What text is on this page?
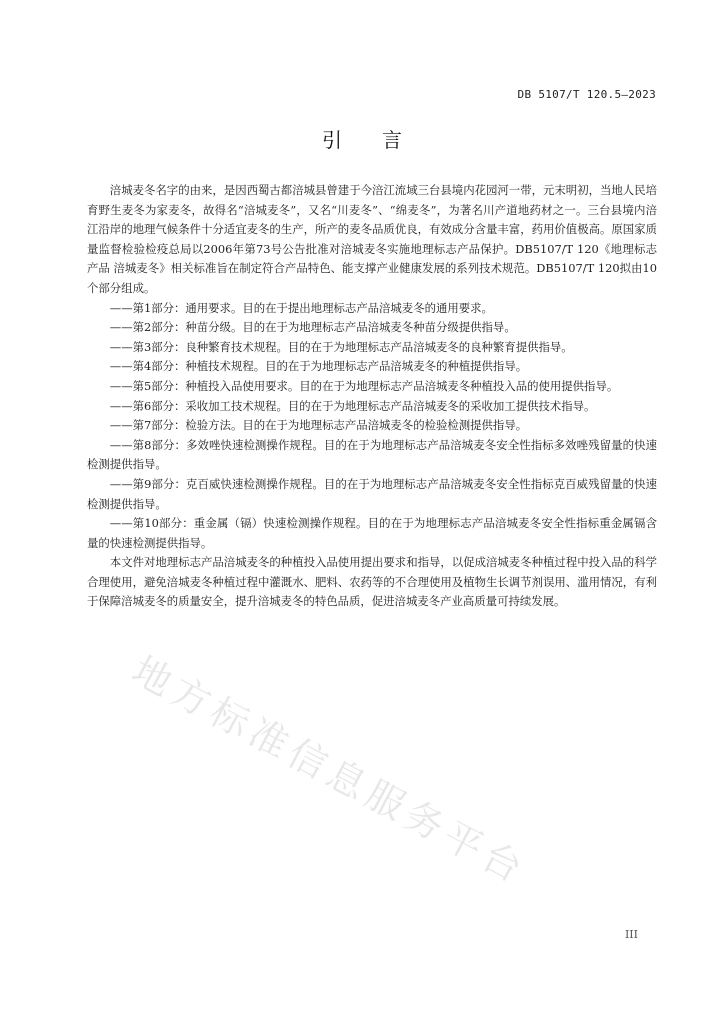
DB 5107/T 120.5—2023
引言

涪城麦冬名字的由来，是因西蜀古都涪城县曾建于今涪江流域三台县境内花园河一带，元末明初，当地人民培育野生麦冬为家麦冬，故得名“涪城麦冬”，又名“川麦冬”、“绵麦冬”，为著名川产道地药材之一。三台县境内涪江沿岸的地理气候条件十分适宜麦冬的生产，所产的麦冬品质优良，有效成分含量丰富，药用价值极高。原国家质量监督检验检疫总局以2006年第73号公告批准对涪城麦冬实施地理标志产品保护。DB5107/T 120《地理标志产品 涪城麦冬》相关标准旨在制定符合产品特色、能支撑产业健康发展的系列技术规范。DB5107/T 120拟由10个部分组成。

——第1部分：通用要求。目的在于提出地理标志产品涪城麦冬的通用要求。

——第2部分：种苗分级。目的在于为地理标志产品涪城麦冬种苗分级提供指导。

——第3部分：良种繁育技术规程。目的在于为地理标志产品涪城麦冬的良种繁育提供指导。

——第4部分：种植技术规程。目的在于为地理标志产品涪城麦冬的种植提供指导。

——第5部分：种植投入品使用要求。目的在于为地理标志产品涪城麦冬种植投入品的使用提供指导。

——第6部分：采收加工技术规程。目的在于为地理标志产品涪城麦冬的采收加工提供技术指导。

——第7部分：检验方法。目的在于为地理标志产品涪城麦冬的检验检测提供指导。

——第8部分：多效唑快速检测操作规程。目的在于为地理标志产品涪城麦冬安全性指标多效唑残留量的快速检测提供指导。

——第9部分：克百威快速检测操作规程。目的在于为地理标志产品涪城麦冬安全性指标克百威残留量的快速检测提供指导。

——第10部分：重金属（镉）快速检测操作规程。目的在于为地理标志产品涪城麦冬安全性指标重金属镉含量的快速检测提供指导。

本文件对地理标志产品涪城麦冬的种植投入品使用提出要求和指导，以促成涪城麦冬种植过程中投入品的科学合理使用，避免涪城麦冬种植过程中灌溉水、肥料、农药等的不合理使用及植物生长调节剂误用、滥用情况，有利于保障涪城麦冬的质量安全，提升涪城麦冬的特色品质，促进涪城麦冬产业高质量可持续发展。

地方标准信息服务平台
III
